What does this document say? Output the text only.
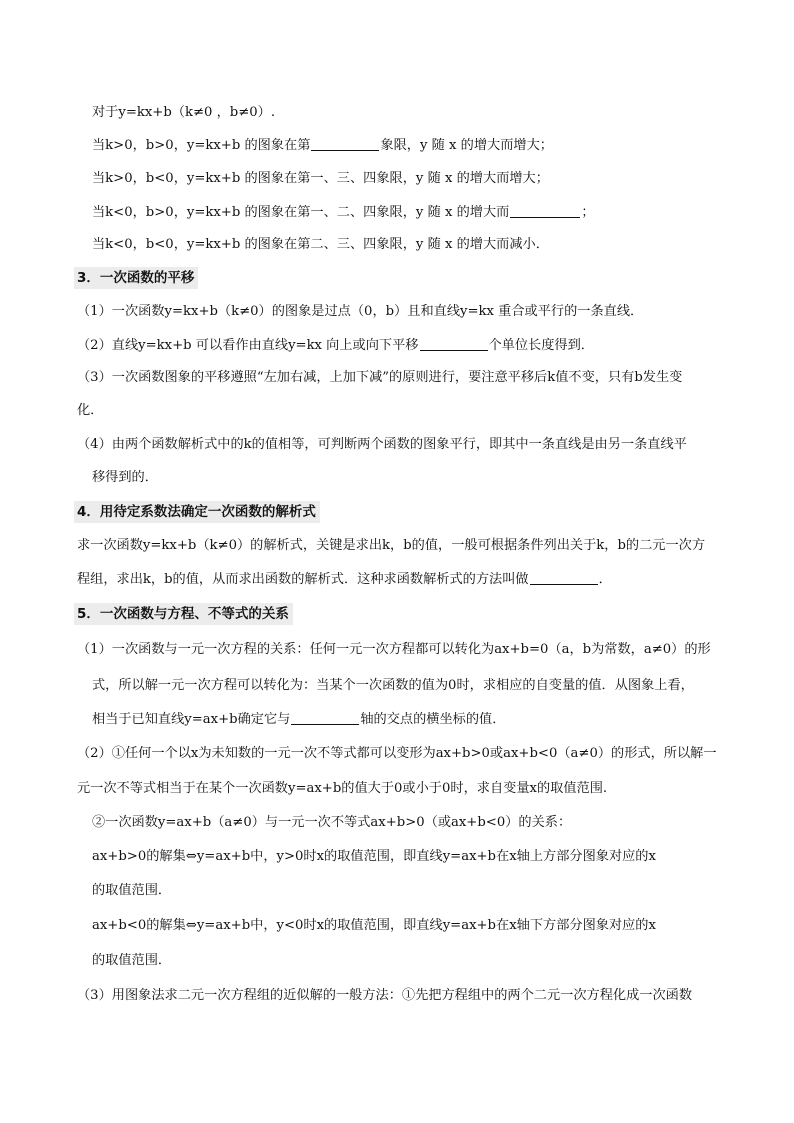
对于y=kx+b（k≠0 ，b≠0）.
当k>0，b>0，y=kx+b 的图象在第	象限，y 随 x 的增大而增大；
当k>0，b<0，y=kx+b 的图象在第一、三、四象限，y 随 x 的增大而增大；
当k<0，b>0，y=kx+b 的图象在第一、二、四象限，y 随 x 的增大而	；
当k<0，b<0，y=kx+b 的图象在第二、三、四象限，y 随 x 的增大而减小．
3．一次函数的平移
（1）一次函数y=kx+b（k≠0）的图象是过点（0，b）且和直线y=kx 重合或平行的一条直线．
（2）直线y=kx+b 可以看作由直线y=kx 向上或向下平移	个单位长度得到．
（3）一次函数图象的平移遵照“左加右减，上加下减”的原则进行，要注意平移后k值不变，只有b发生变
化．
（4）由两个函数解析式中的k的值相等，可判断两个函数的图象平行，即其中一条直线是由另一条直线平
移得到的．
4．用待定系数法确定一次函数的解析式
求一次函数y=kx+b（k≠0）的解析式，关键是求出k，b的值，一般可根据条件列出关于k，b的二元一次方
程组，求出k，b的值，从而求出函数的解析式．这种求函数解析式的方法叫做	．
5．一次函数与方程、不等式的关系
（1）一次函数与一元一次方程的关系：任何一元一次方程都可以转化为ax+b=0（a，b为常数，a≠0）的形
式，所以解一元一次方程可以转化为：当某个一次函数的值为0时，求相应的自变量的值．从图象上看，
相当于已知直线y=ax+b确定它与	轴的交点的横坐标的值．
（2）①任何一个以x为未知数的一元一次不等式都可以变形为ax+b>0或ax+b<0（a≠0）的形式，所以解一
元一次不等式相当于在某个一次函数y=ax+b的值大于0或小于0时，求自变量x的取值范围.
②一次函数y=ax+b（a≠0）与一元一次不等式ax+b>0（或ax+b<0）的关系：
ax+b>0的解集⇔y=ax+b中，y>0时x的取值范围，即直线y=ax+b在x轴上方部分图象对应的x
的取值范围．
ax+b<0的解集⇔y=ax+b中，y<0时x的取值范围，即直线y=ax+b在x轴下方部分图象对应的x
的取值范围．
（3）用图象法求二元一次方程组的近似解的一般方法：①先把方程组中的两个二元一次方程化成一次函数
